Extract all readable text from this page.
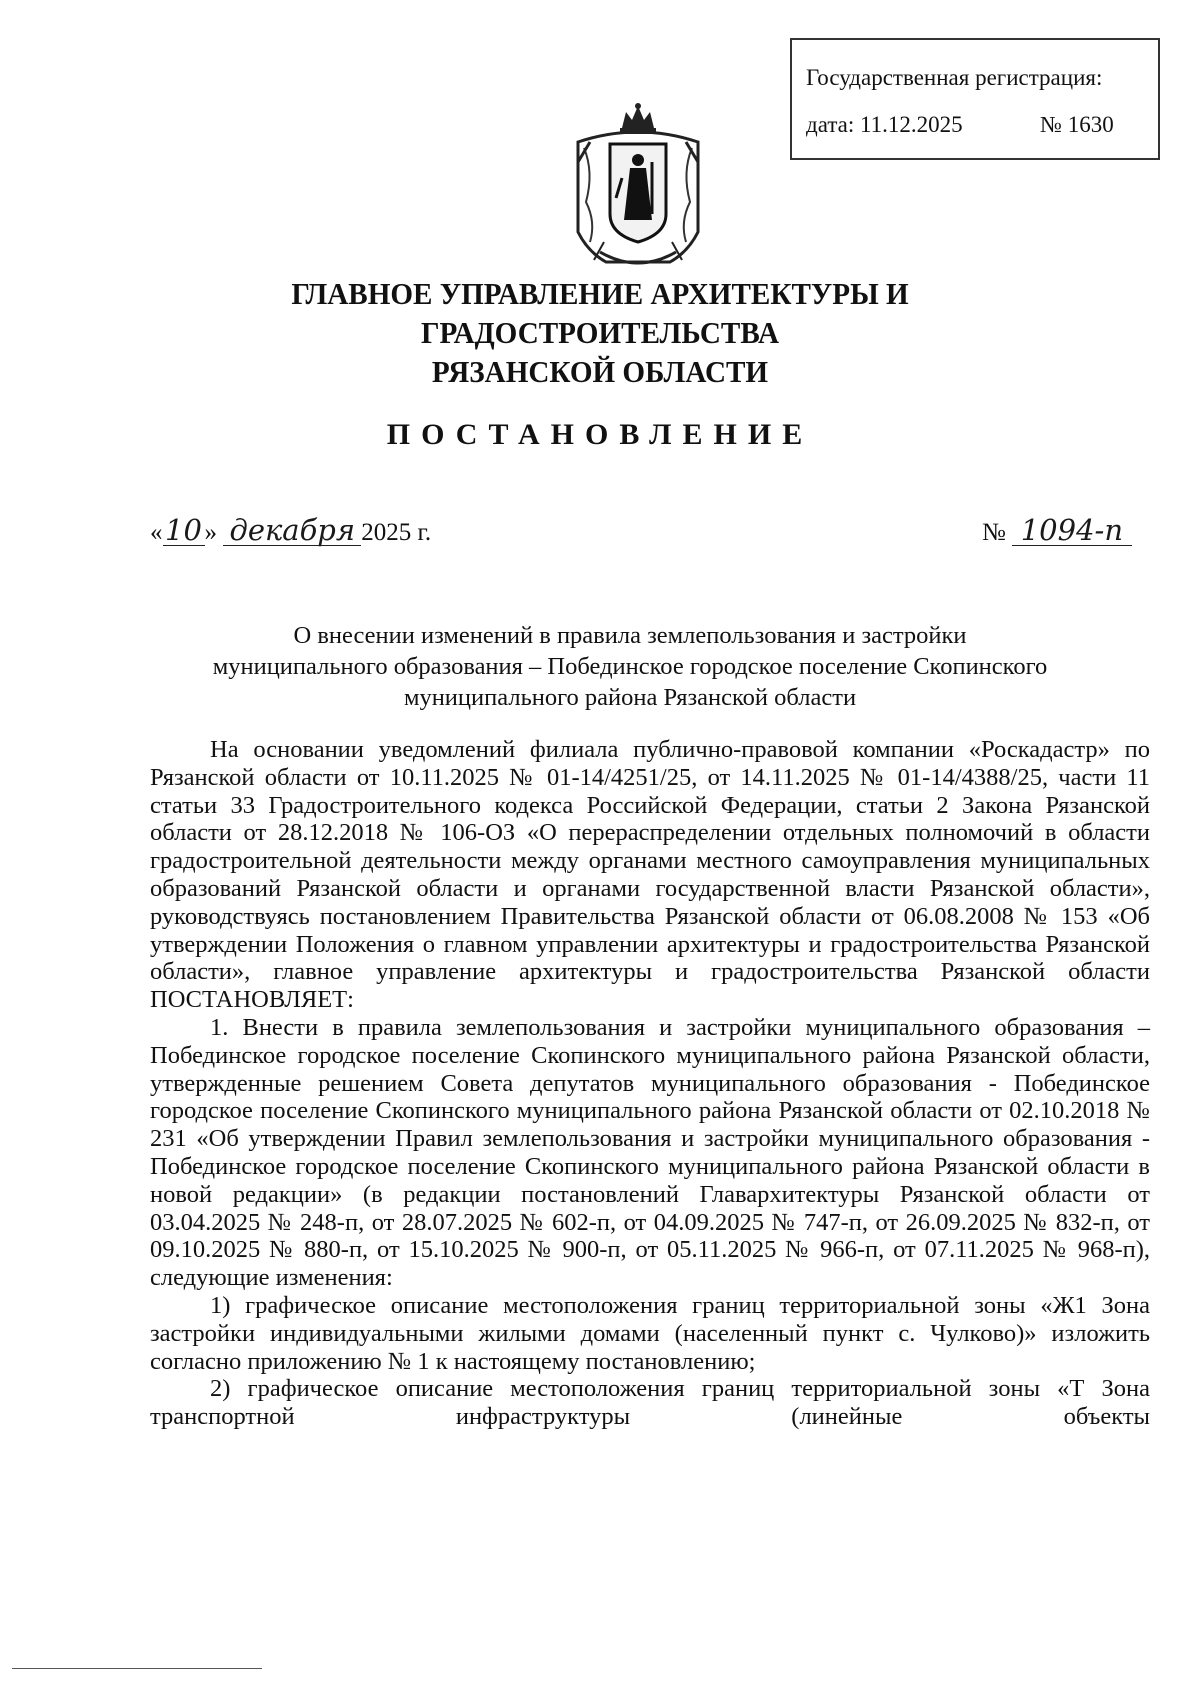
Государственная регистрация:
дата: 11.12.2025	№ 1630
ГЛАВНОЕ УПРАВЛЕНИЕ АРХИТЕКТУРЫ И ГРАДОСТРОИТЕЛЬСТВА
РЯЗАНСКОЙ ОБЛАСТИ
ПОСТАНОВЛЕНИЕ
«10 » декабря 2025 г.	№ 1094-п
О внесении изменений в правила землепользования и застройки
муниципального образования – Побединское городское поселение Скопинского
муниципального района Рязанской области

На основании уведомлений филиала публично-правовой компании «Роскадастр» по Рязанской области от 10.11.2025 № 01-14/4251/25, от 14.11.2025 № 01-14/4388/25, части 11 статьи 33 Градостроительного кодекса Российской Федерации, статьи 2 Закона Рязанской области от 28.12.2018 № 106-ОЗ «О перераспределении отдельных полномочий в области градостроительной деятельности между органами местного самоуправления муниципальных образований Рязанской области и органами государственной власти Рязанской области», руководствуясь постановлением Правительства Рязанской области от 06.08.2008 № 153 «Об утверждении Положения о главном управлении архитектуры и градостроительства Рязанской области», главное управление архитектуры и градостроительства Рязанской области ПОСТАНОВЛЯЕТ:

1. Внести в правила землепользования и застройки муниципального образования – Побединское городское поселение Скопинского муниципального района Рязанской области, утвержденные решением Совета депутатов муниципального образования - Побединское городское поселение Скопинского муниципального района Рязанской области от 02.10.2018 № 231 «Об утверждении Правил землепользования и застройки муниципального образования - Побединское городское поселение Скопинского муниципального района Рязанской области в новой редакции» (в редакции постановлений Главархитектуры Рязанской области от 03.04.2025 № 248-п, от 28.07.2025 № 602-п, от 04.09.2025 № 747-п, от 26.09.2025 № 832-п, от 09.10.2025 № 880-п, от 15.10.2025 № 900-п, от 05.11.2025 № 966-п, от 07.11.2025 № 968-п), следующие изменения:

1) графическое описание местоположения границ территориальной зоны «Ж1 Зона застройки индивидуальными жилыми домами (населенный пункт с. Чулково)» изложить согласно приложению № 1 к настоящему постановлению;

2) графическое описание местоположения границ территориальной зоны «Т Зона транспортной инфраструктуры (линейные объекты
